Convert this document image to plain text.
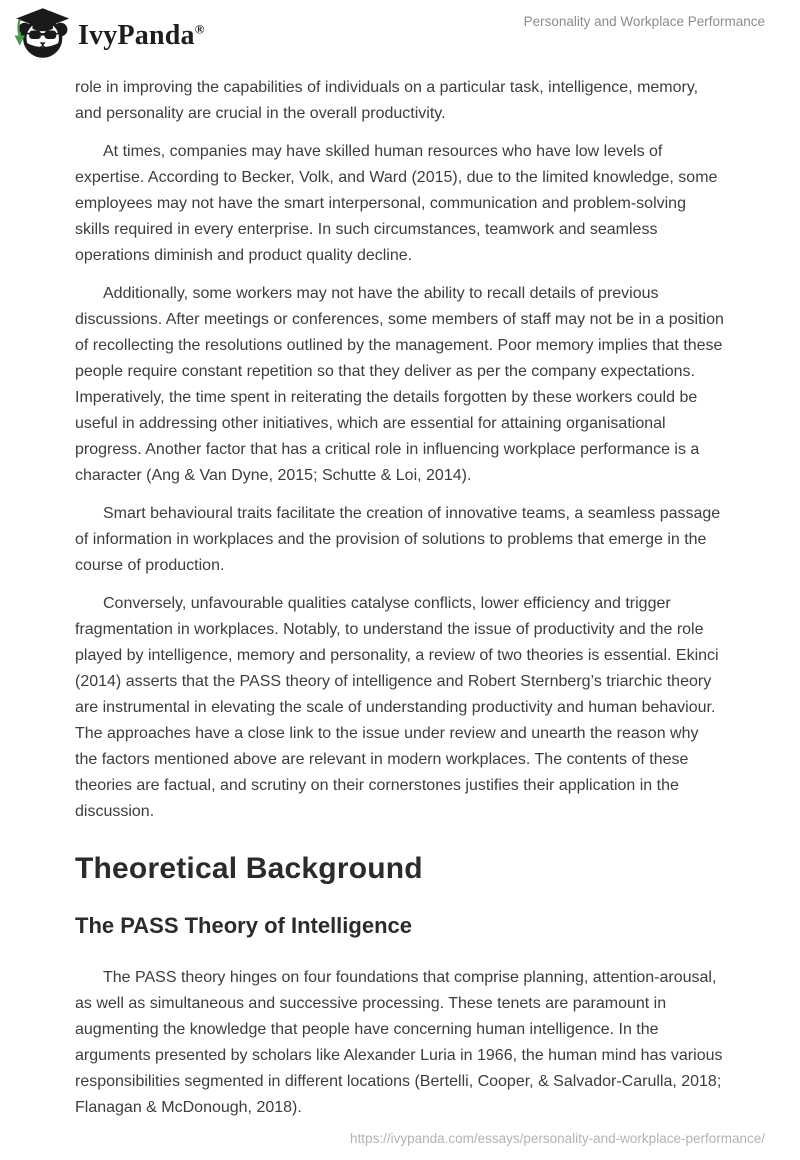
IvyPanda®	Personality and Workplace Performance

role in improving the capabilities of individuals on a particular task, intelligence, memory, and personality are crucial in the overall productivity.

At times, companies may have skilled human resources who have low levels of expertise. According to Becker, Volk, and Ward (2015), due to the limited knowledge, some employees may not have the smart interpersonal, communication and problem-solving skills required in every enterprise. In such circumstances, teamwork and seamless operations diminish and product quality decline.

Additionally, some workers may not have the ability to recall details of previous discussions. After meetings or conferences, some members of staff may not be in a position of recollecting the resolutions outlined by the management. Poor memory implies that these people require constant repetition so that they deliver as per the company expectations. Imperatively, the time spent in reiterating the details forgotten by these workers could be useful in addressing other initiatives, which are essential for attaining organisational progress. Another factor that has a critical role in influencing workplace performance is a character (Ang & Van Dyne, 2015; Schutte & Loi, 2014).

Smart behavioural traits facilitate the creation of innovative teams, a seamless passage of information in workplaces and the provision of solutions to problems that emerge in the course of production.

Conversely, unfavourable qualities catalyse conflicts, lower efficiency and trigger fragmentation in workplaces. Notably, to understand the issue of productivity and the role played by intelligence, memory and personality, a review of two theories is essential. Ekinci (2014) asserts that the PASS theory of intelligence and Robert Sternberg’s triarchic theory are instrumental in elevating the scale of understanding productivity and human behaviour. The approaches have a close link to the issue under review and unearth the reason why the factors mentioned above are relevant in modern workplaces. The contents of these theories are factual, and scrutiny on their cornerstones justifies their application in the discussion.

Theoretical Background
The PASS Theory of Intelligence

The PASS theory hinges on four foundations that comprise planning, attention-arousal, as well as simultaneous and successive processing. These tenets are paramount in augmenting the knowledge that people have concerning human intelligence. In the arguments presented by scholars like Alexander Luria in 1966, the human mind has various responsibilities segmented in different locations (Bertelli, Cooper, & Salvador-Carulla, 2018; Flanagan & McDonough, 2018).

https://ivypanda.com/essays/personality-and-workplace-performance/
